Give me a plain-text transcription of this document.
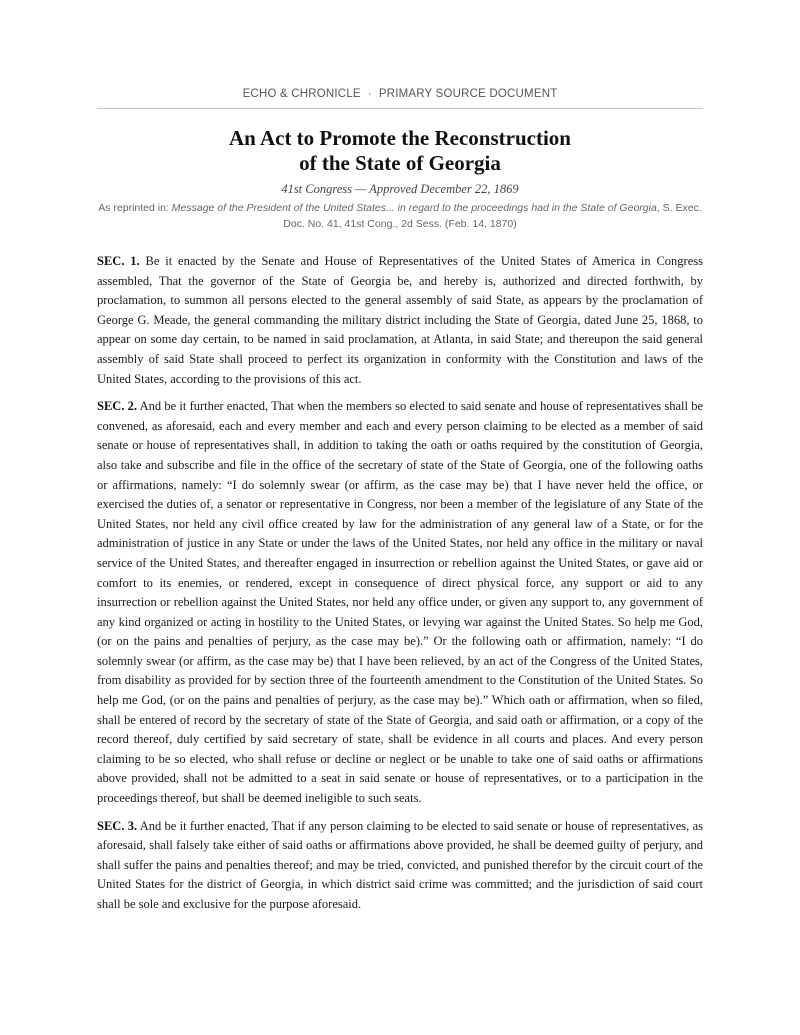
ECHO & CHRONICLE · PRIMARY SOURCE DOCUMENT
An Act to Promote the Reconstruction
of the State of Georgia
41st Congress — Approved December 22, 1869
As reprinted in: Message of the President of the United States... in regard to the proceedings had in the State of Georgia, S. Exec. Doc. No. 41, 41st Cong., 2d Sess. (Feb. 14, 1870)

SEC. 1. Be it enacted by the Senate and House of Representatives of the United States of America in Congress assembled, That the governor of the State of Georgia be, and hereby is, authorized and directed forthwith, by proclamation, to summon all persons elected to the general assembly of said State, as appears by the proclamation of George G. Meade, the general commanding the military district including the State of Georgia, dated June 25, 1868, to appear on some day certain, to be named in said proclamation, at Atlanta, in said State; and thereupon the said general assembly of said State shall proceed to perfect its organization in conformity with the Constitution and laws of the United States, according to the provisions of this act.

SEC. 2. And be it further enacted, That when the members so elected to said senate and house of representatives shall be convened, as aforesaid, each and every member and each and every person claiming to be elected as a member of said senate or house of representatives shall, in addition to taking the oath or oaths required by the constitution of Georgia, also take and subscribe and file in the office of the secretary of state of the State of Georgia, one of the following oaths or affirmations, namely: “I do solemnly swear (or affirm, as the case may be) that I have never held the office, or exercised the duties of, a senator or representative in Congress, nor been a member of the legislature of any State of the United States, nor held any civil office created by law for the administration of any general law of a State, or for the administration of justice in any State or under the laws of the United States, nor held any office in the military or naval service of the United States, and thereafter engaged in insurrection or rebellion against the United States, or gave aid or comfort to its enemies, or rendered, except in consequence of direct physical force, any support or aid to any insurrection or rebellion against the United States, nor held any office under, or given any support to, any government of any kind organized or acting in hostility to the United States, or levying war against the United States. So help me God, (or on the pains and penalties of perjury, as the case may be).” Or the following oath or affirmation, namely: “I do solemnly swear (or affirm, as the case may be) that I have been relieved, by an act of the Congress of the United States, from disability as provided for by section three of the fourteenth amendment to the Constitution of the United States. So help me God, (or on the pains and penalties of perjury, as the case may be).” Which oath or affirmation, when so filed, shall be entered of record by the secretary of state of the State of Georgia, and said oath or affirmation, or a copy of the record thereof, duly certified by said secretary of state, shall be evidence in all courts and places. And every person claiming to be so elected, who shall refuse or decline or neglect or be unable to take one of said oaths or affirmations above provided, shall not be admitted to a seat in said senate or house of representatives, or to a participation in the proceedings thereof, but shall be deemed ineligible to such seats.

SEC. 3. And be it further enacted, That if any person claiming to be elected to said senate or house of representatives, as aforesaid, shall falsely take either of said oaths or affirmations above provided, he shall be deemed guilty of perjury, and shall suffer the pains and penalties thereof; and may be tried, convicted, and punished therefor by the circuit court of the United States for the district of Georgia, in which district said crime was committed; and the jurisdiction of said court shall be sole and exclusive for the purpose aforesaid.
